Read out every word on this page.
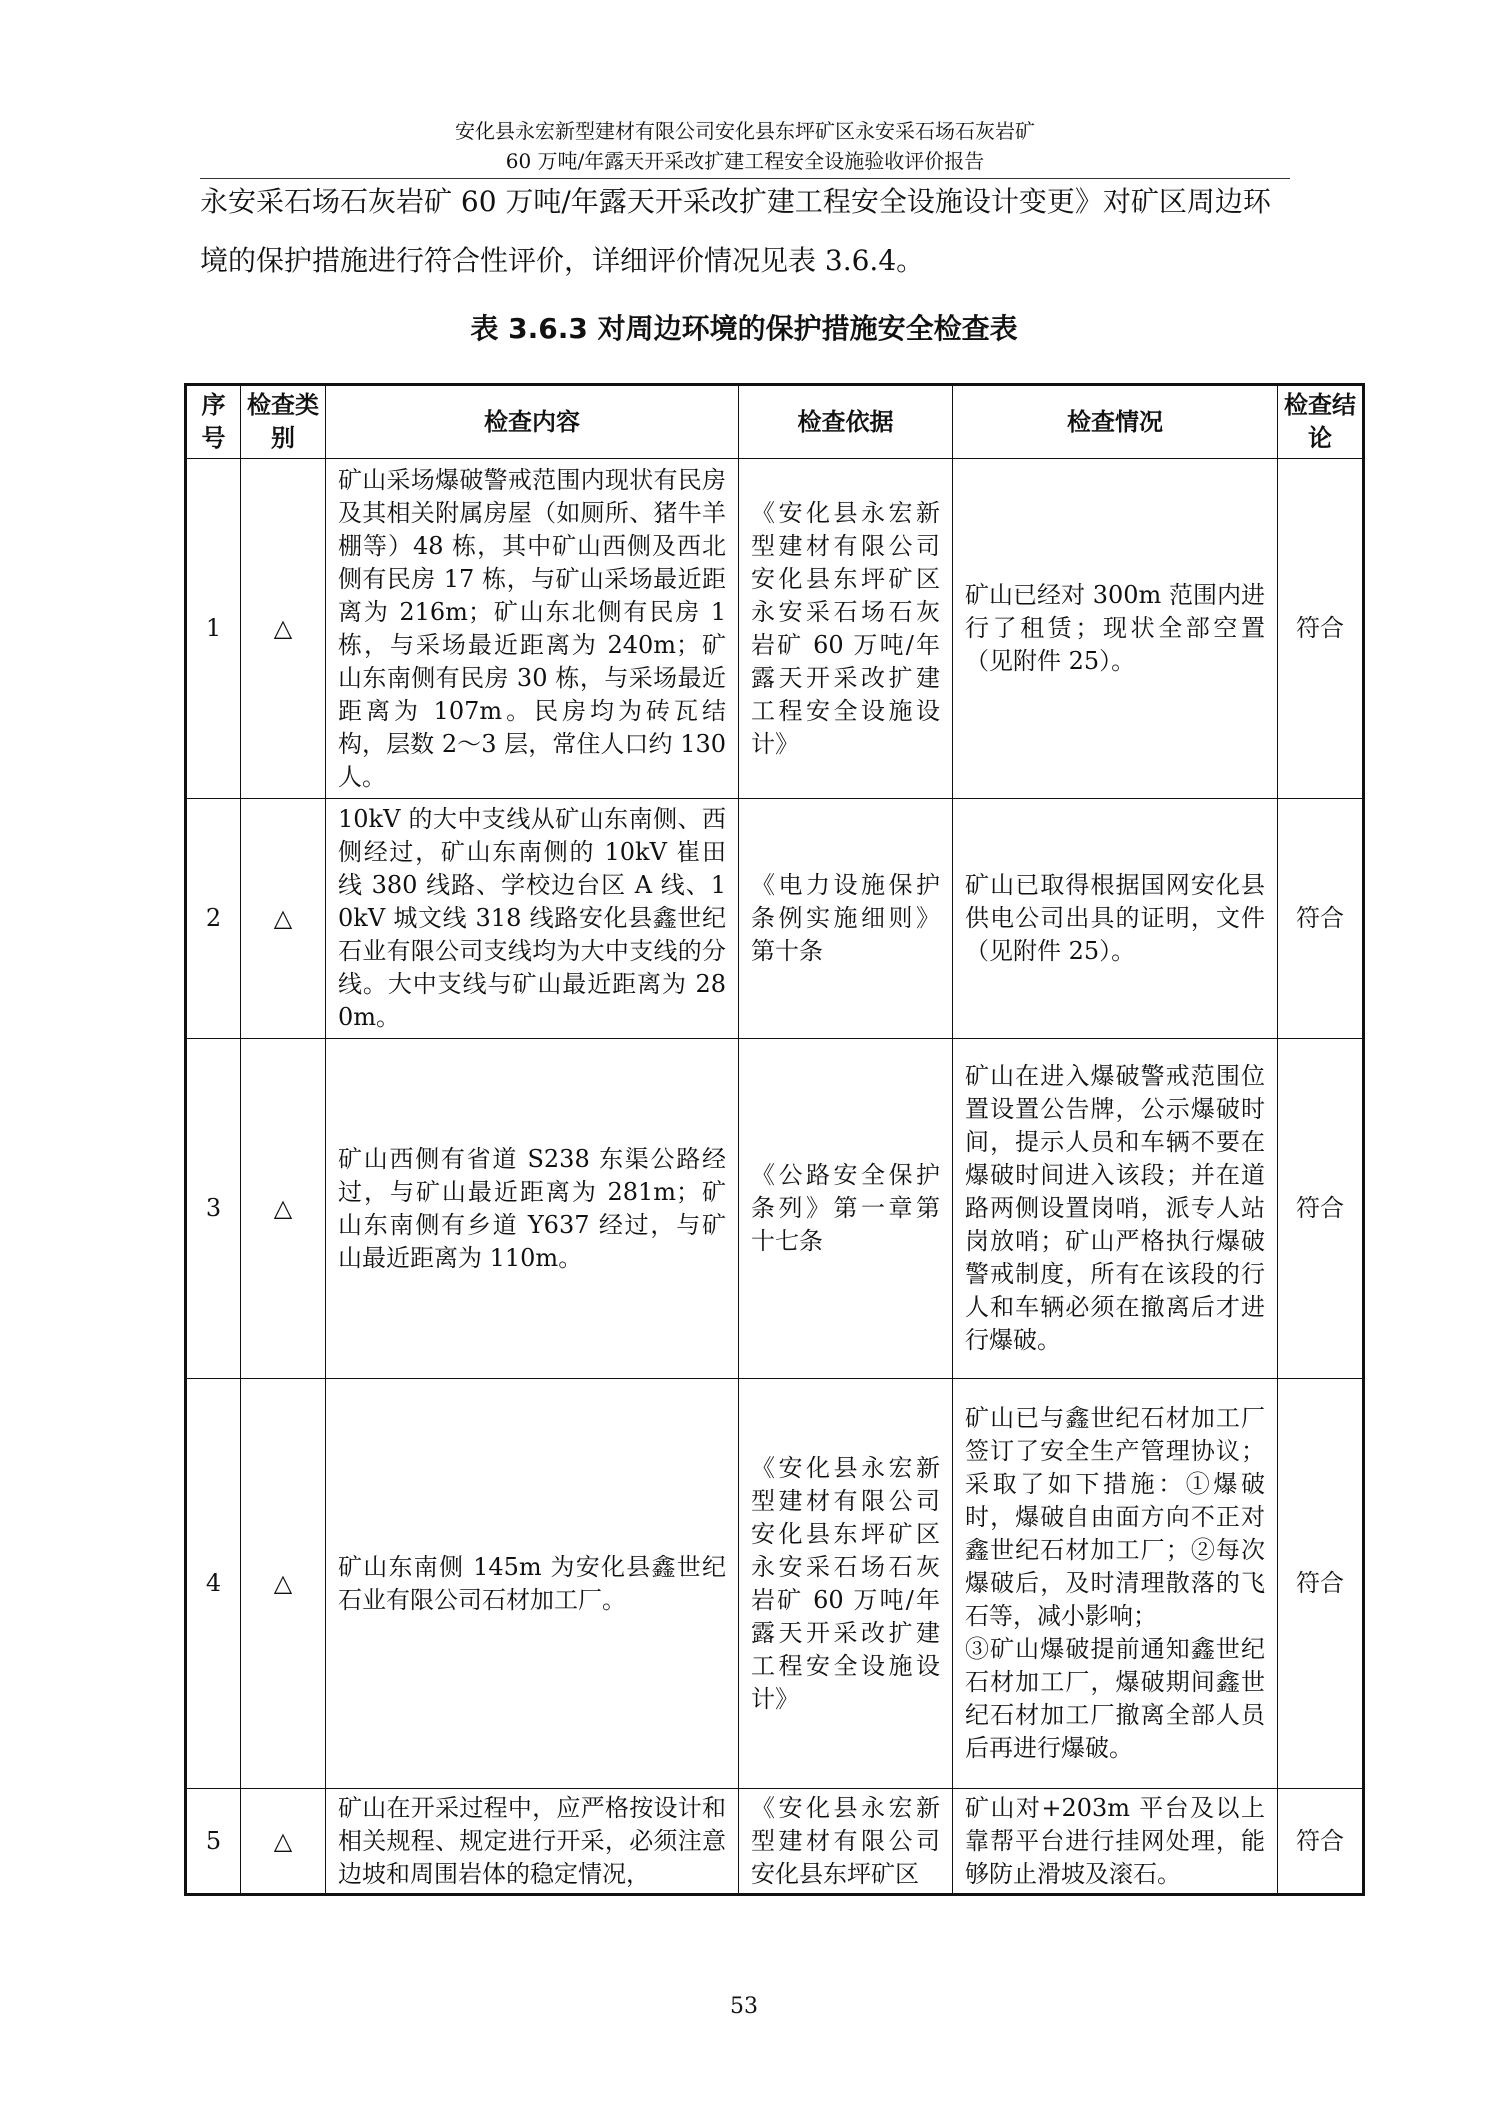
安化县永宏新型建材有限公司安化县东坪矿区永安采石场石灰岩矿
60 万吨/年露天开采改扩建工程安全设施验收评价报告

永安采石场石灰岩矿 60 万吨/年露天开采改扩建工程安全设施设计变更》对矿区周边环

境的保护措施进行符合性评价，详细评价情况见表 3.6.4。

表 3.6.3 对周边环境的保护措施安全检查表
序号	检查类别	检查内容	检查依据	检查情况	检查结论
1	△	矿山采场爆破警戒范围内现状有民房及其相关附属房屋（如厕所、猪牛羊棚等）48 栋，其中矿山西侧及西北侧有民房 17 栋，与矿山采场最近距离为 216m；矿山东北侧有民房 1 栋，与采场最近距离为 240m；矿山东南侧有民房 30 栋，与采场最近距离为 107m。民房均为砖瓦结构，层数 2～3 层，常住人口约 130 人。	《安化县永宏新型建材有限公司安化县东坪矿区永安采石场石灰岩矿 60 万吨/年露天开采改扩建工程安全设施设计》	矿山已经对 300m 范围内进行了租赁；现状全部空置（见附件 25）。	符合
2	△	10kV 的大中支线从矿山东南侧、西侧经过，矿山东南侧的 10kV 崔田线 380 线路、学校边台区 A 线、10kV 城文线 318 线路安化县鑫世纪石业有限公司支线均为大中支线的分线。大中支线与矿山最近距离为 280m。	《电力设施保护条例实施细则》第十条	矿山已取得根据国网安化县供电公司出具的证明，文件（见附件 25）。	符合
3	△	矿山西侧有省道 S238 东渠公路经过，与矿山最近距离为 281m；矿山东南侧有乡道 Y637 经过，与矿山最近距离为 110m。	《公路安全保护条列》第一章第十七条	矿山在进入爆破警戒范围位置设置公告牌，公示爆破时间，提示人员和车辆不要在爆破时间进入该段；并在道路两侧设置岗哨，派专人站岗放哨；矿山严格执行爆破警戒制度，所有在该段的行人和车辆必须在撤离后才进行爆破。	符合
4	△	矿山东南侧 145m 为安化县鑫世纪石业有限公司石材加工厂。	《安化县永宏新型建材有限公司安化县东坪矿区永安采石场石灰岩矿 60 万吨/年露天开采改扩建工程安全设施设计》	矿山已与鑫世纪石材加工厂签订了安全生产管理协议；采取了如下措施：①爆破时，爆破自由面方向不正对鑫世纪石材加工厂；②每次爆破后，及时清理散落的飞石等，减小影响；
③矿山爆破提前通知鑫世纪石材加工厂，爆破期间鑫世纪石材加工厂撤离全部人员后再进行爆破。	符合
5	△	矿山在开采过程中，应严格按设计和相关规程、规定进行开采，必须注意边坡和周围岩体的稳定情况，	《安化县永宏新型建材有限公司安化县东坪矿区	矿山对+203m 平台及以上靠帮平台进行挂网处理，能够防止滑坡及滚石。	符合
53
